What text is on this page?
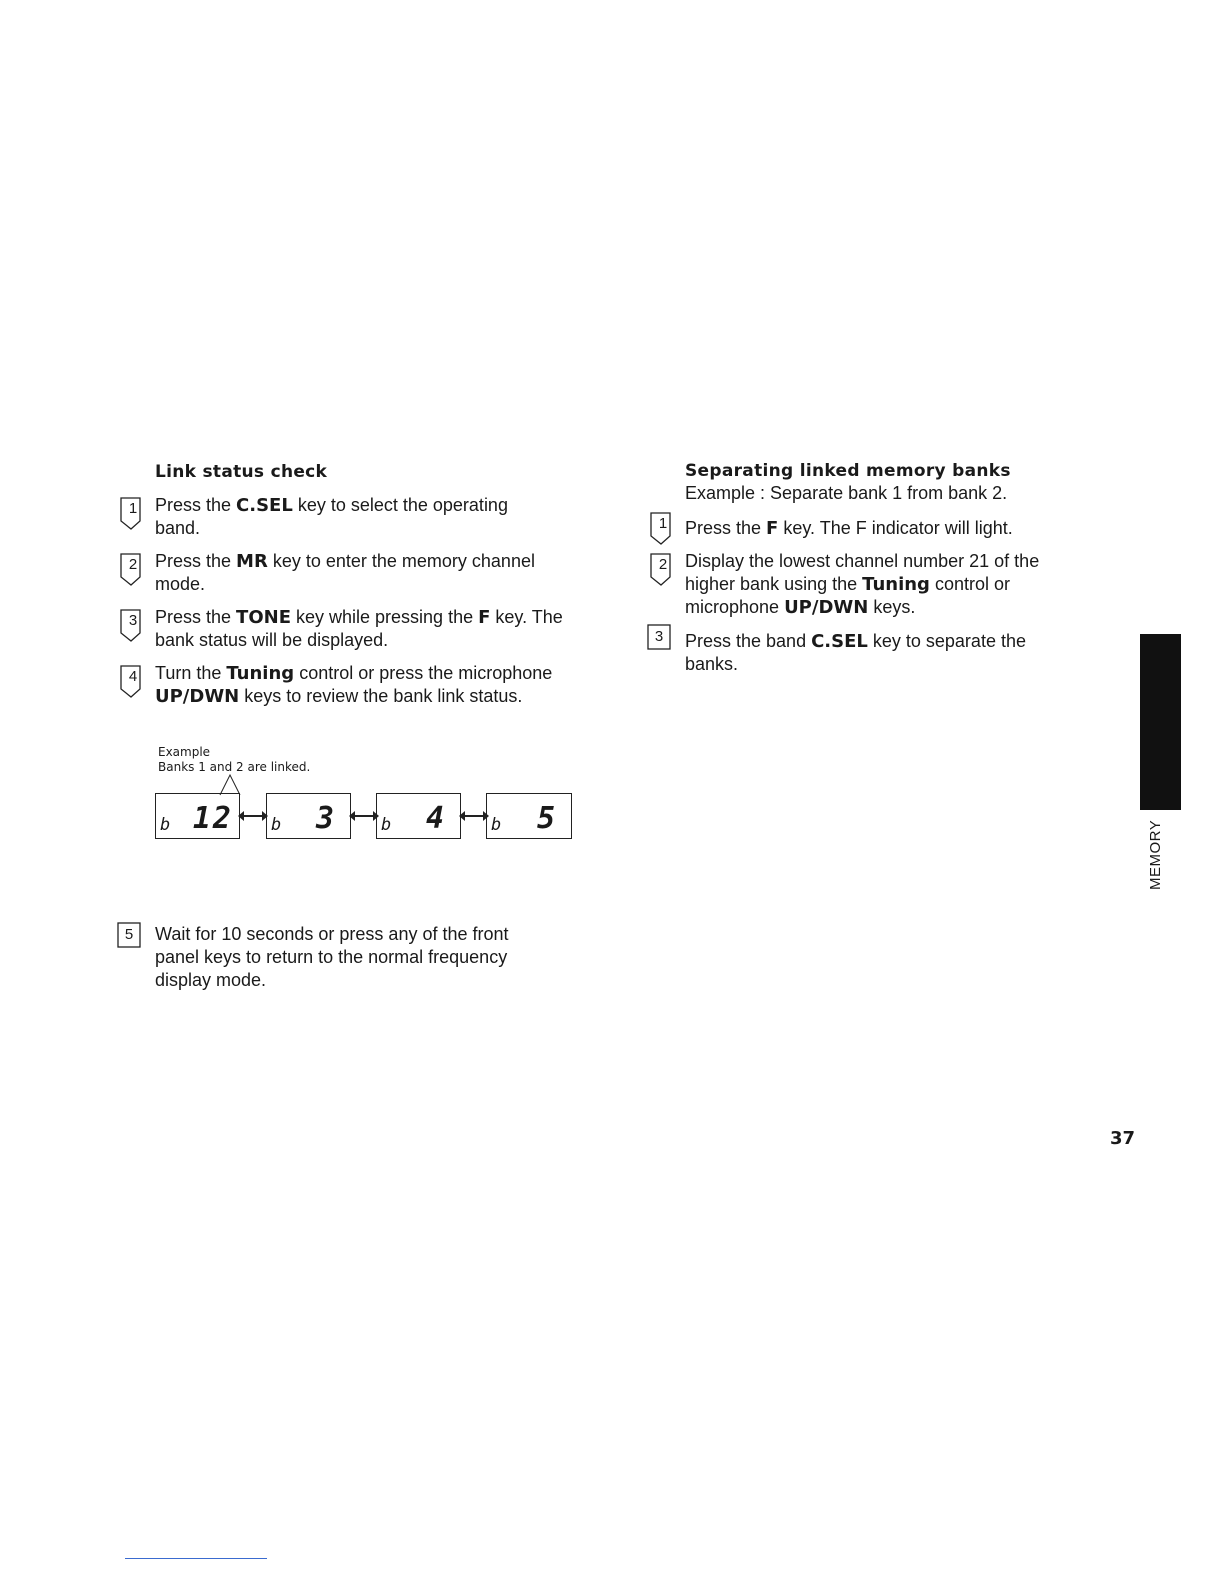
Link status check
1 Press the C.SEL key to select the operating band.
2 Press the MR key to enter the memory channel mode.
3 Press the TONE key while pressing the F key. The bank status will be displayed.
4 Turn the Tuning control or press the microphone UP/DWN keys to review the bank link status.
Example
Banks 1 and 2 are linked.
b 12 b 3	b 4	b 5
5 Wait for 10 seconds or press any of the front panel keys to return to the normal frequency display mode.
Separating linked memory banks
Example : Separate bank 1 from bank 2.
1 Press the F key. The F indicator will light.
2 Display the lowest channel number 21 of the higher bank using the Tuning control or microphone UP/DWN keys.
3 Press the band C.SEL key to separate the banks.
MEMORY
37
